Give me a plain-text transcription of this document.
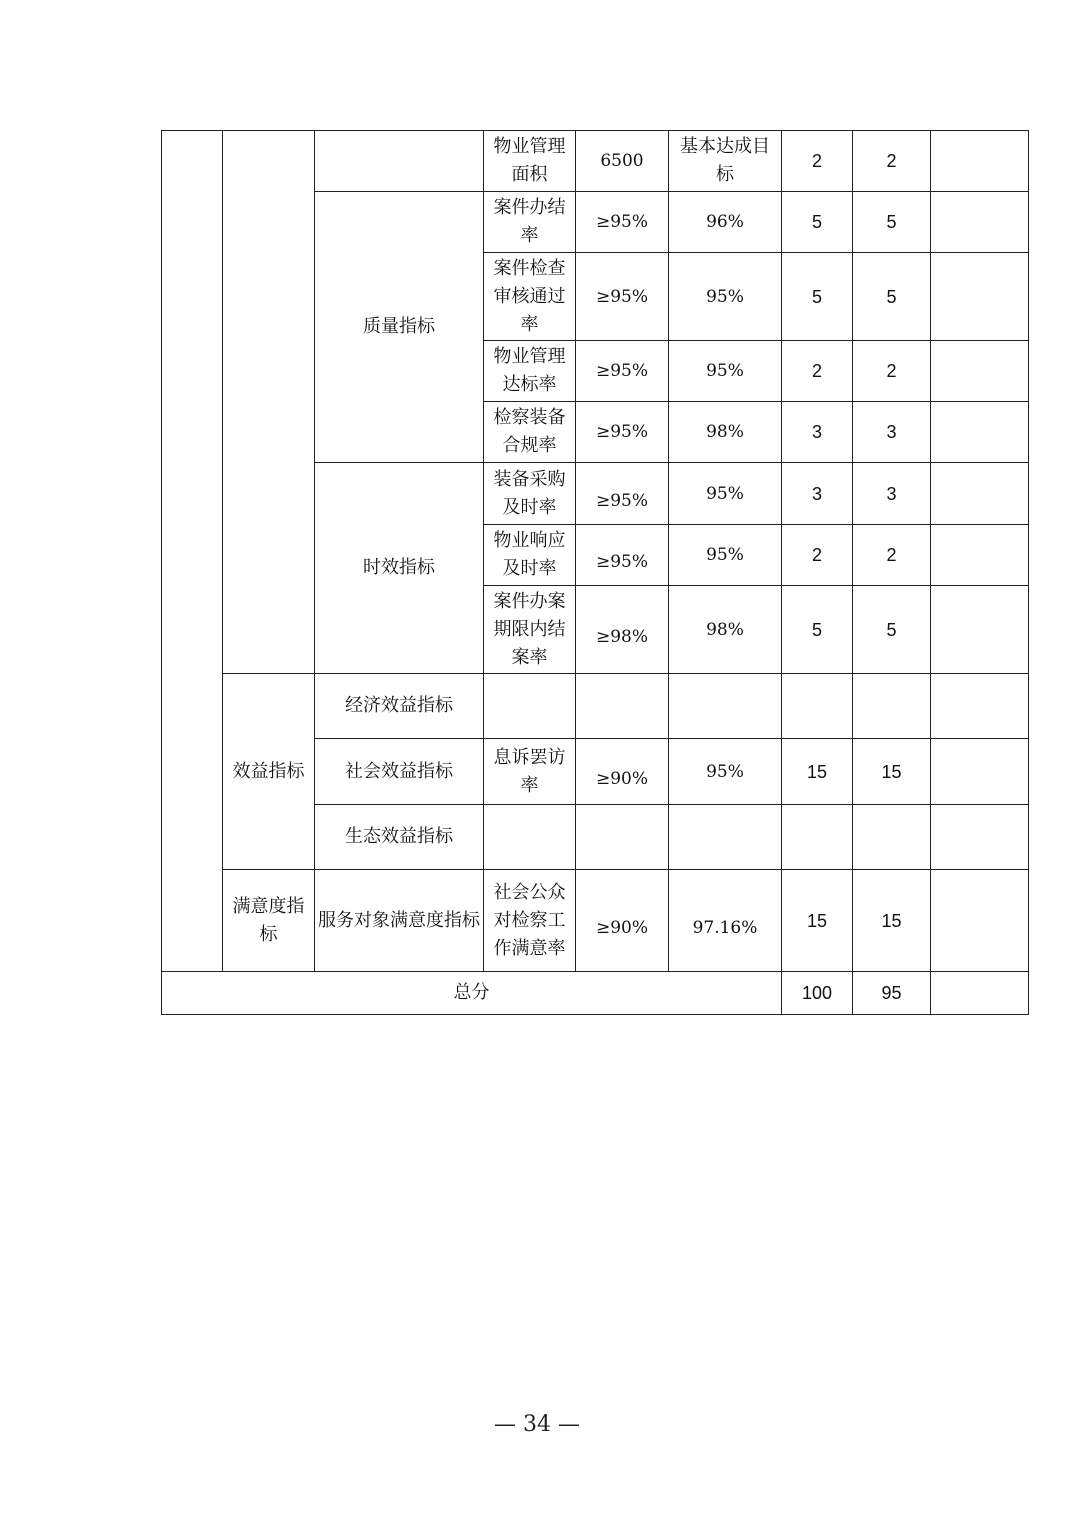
			物业管理面积	6500	基本达成目标	2	2	
		质量指标	案件办结率	≥95%	96%	5	5	
			案件检查审核通过率	≥95%	95%	5	5	
			物业管理达标率	≥95%	95%	2	2	
			检察装备合规率	≥95%	98%	3	3	
		时效指标	装备采购及时率	≥95%	95%	3	3	
			物业响应及时率	≥95%	95%	2	2	
			案件办案期限内结案率	≥98%	98%	5	5	
	效益指标	经济效益指标						
		社会效益指标	息诉罢访率	≥90%	95%	15	15	
		生态效益指标						
	满意度指标	服务对象满意度指标	社会公众对检察工作满意率	≥90%	97.16%	15	15	
总分						100	95	
— 34 —
